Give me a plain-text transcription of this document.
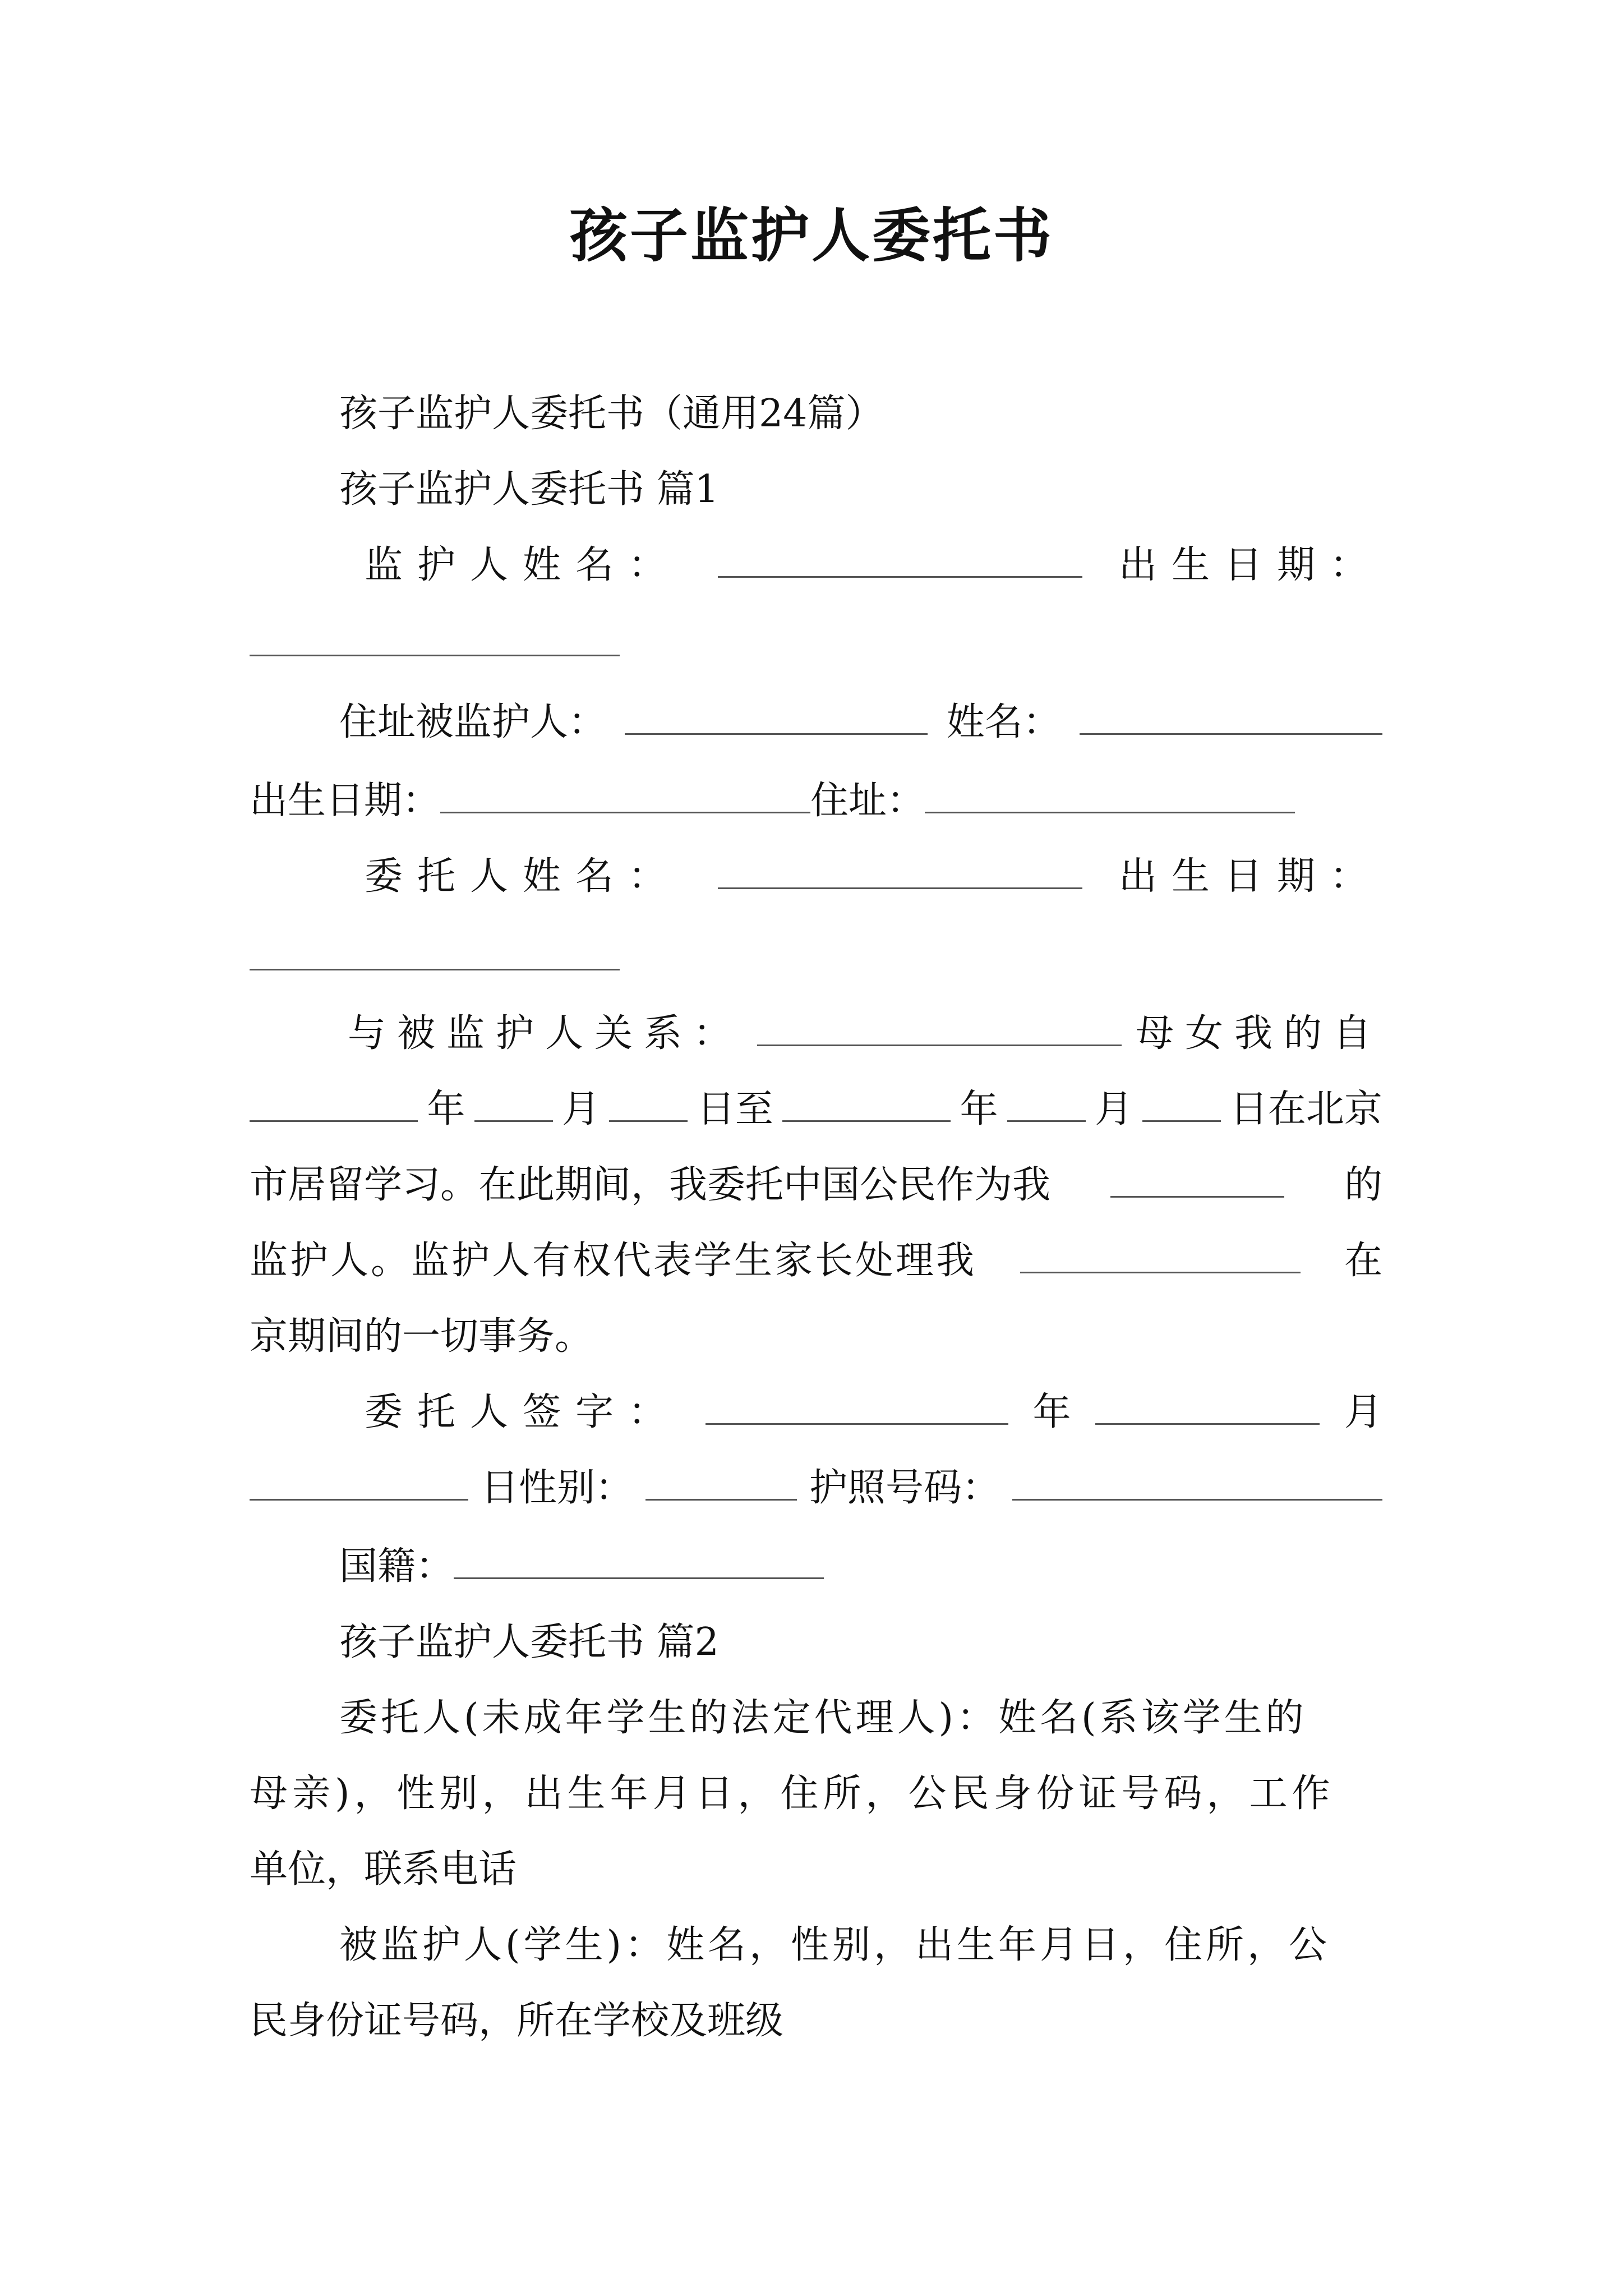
孩子监护人委托书
孩子监护人委托书（通用24篇）
孩子监护人委托书 篇1
监护人姓名：	出生日期：
住址被监护人：	姓名：
出生日期：	住址：
委托人姓名：	出生日期：
与被监护人关系：	母女我的自
年	月	日至	年	月	日在北京
市居留学习。在此期间，我委托中国公民作为我	的
监护人。监护人有权代表学生家长处理我	在
京期间的一切事务。
委托人签字：	年	月
日性别：	护照号码：
国籍：
孩子监护人委托书 篇2
委托人(未成年学生的法定代理人)：姓名(系该学生的
母亲)，性别，出生年月日，住所，公民身份证号码，工作
单位，联系电话
被监护人(学生)：姓名，性别，出生年月日，住所，公
民身份证号码，所在学校及班级
